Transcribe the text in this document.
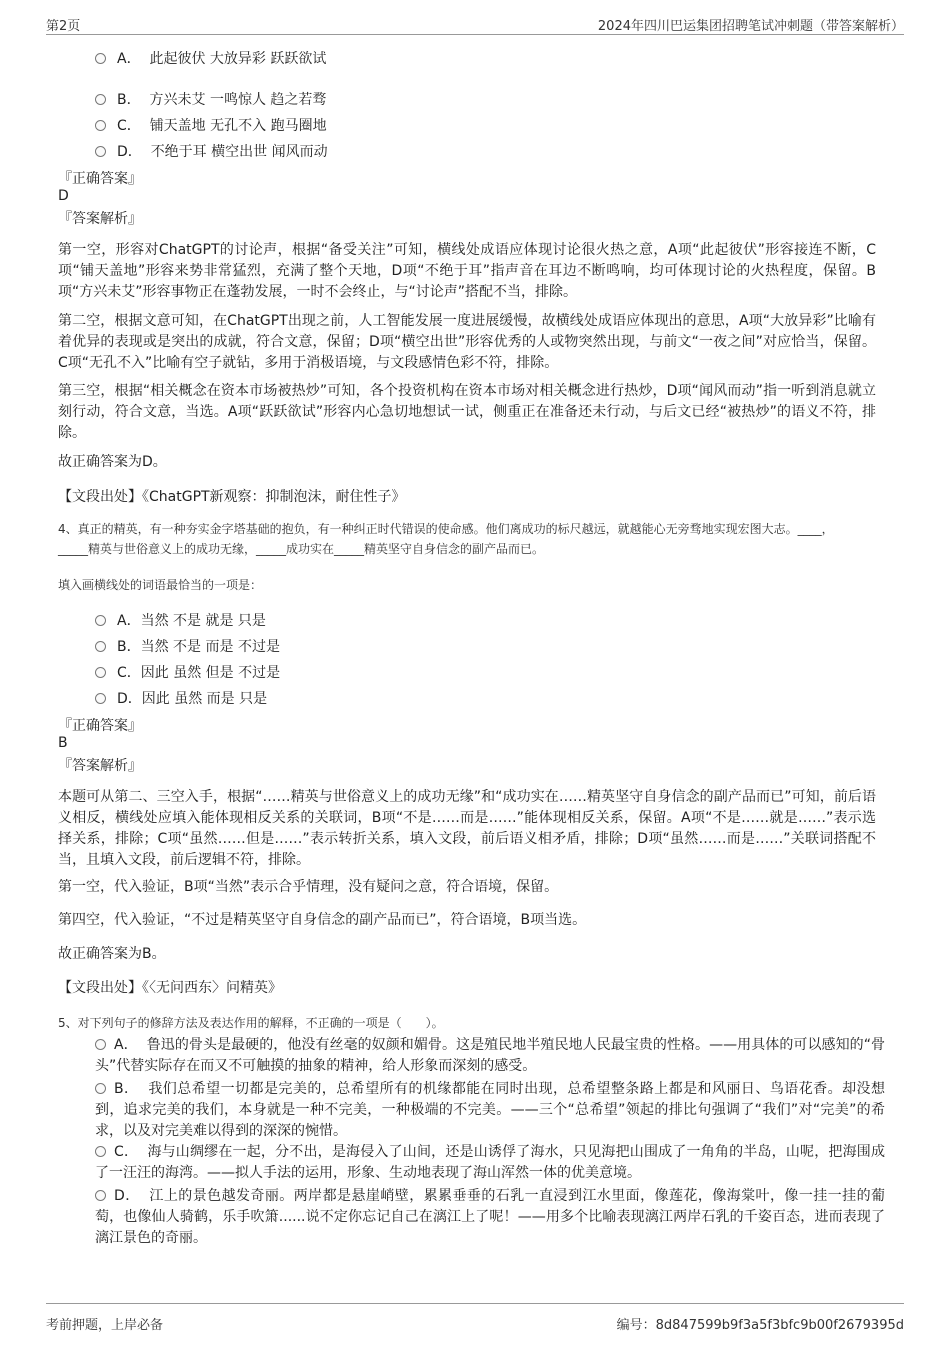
第2页	2024年四川巴运集团招聘笔试冲刺题（带答案解析）
A． 此起彼伏 大放异彩 跃跃欲试
B． 方兴未艾 一鸣惊人 趋之若骛
C． 铺天盖地 无孔不入 跑马圈地
D． 不绝于耳 横空出世 闻风而动
『正确答案』
D
『答案解析』
第一空，形容对ChatGPT的讨论声，根据“备受关注”可知，横线处成语应体现讨论很火热之意，A项“此起彼伏”形容接连不断，C项“铺天盖地”形容来势非常猛烈，充满了整个天地，D项“不绝于耳”指声音在耳边不断鸣响，均可体现讨论的火热程度，保留。B项“方兴未艾”形容事物正在蓬勃发展，一时不会终止，与“讨论声”搭配不当，排除。
第二空，根据文意可知，在ChatGPT出现之前，人工智能发展一度进展缓慢，故横线处成语应体现出的意思，A项“大放异彩”比喻有着优异的表现或是突出的成就，符合文意，保留；D项“横空出世”形容优秀的人或物突然出现，与前文“一夜之间”对应恰当，保留。C项“无孔不入”比喻有空子就钻，多用于消极语境，与文段感情色彩不符，排除。
第三空，根据“相关概念在资本市场被热炒”可知，各个投资机构在资本市场对相关概念进行热炒，D项“闻风而动”指一听到消息就立刻行动，符合文意，当选。A项“跃跃欲试”形容内心急切地想试一试，侧重正在准备还未行动，与后文已经“被热炒”的语义不符，排除。
故正确答案为D。
【文段出处】《ChatGPT新观察：抑制泡沫，耐住性子》
4、真正的精英，有一种夯实金字塔基础的抱负，有一种纠正时代错误的使命感。他们离成功的标尺越远，就越能心无旁骛地实现宏图大志。____，_____精英与世俗意义上的成功无缘，_____成功实在_____精英坚守自身信念的副产品而已。
填入画横线处的词语最恰当的一项是：
A．当然 不是 就是 只是
B．当然 不是 而是 不过是
C．因此 虽然 但是 不过是
D．因此 虽然 而是 只是
『正确答案』
B
『答案解析』
本题可从第二、三空入手，根据“……精英与世俗意义上的成功无缘”和“成功实在……精英坚守自身信念的副产品而已”可知，前后语义相反，横线处应填入能体现相反关系的关联词，B项“不是……而是……”能体现相反关系，保留。A项“不是……就是……”表示选择关系，排除；C项“虽然……但是……”表示转折关系，填入文段，前后语义相矛盾，排除；D项“虽然……而是……”关联词搭配不当，且填入文段，前后逻辑不符，排除。
第一空，代入验证，B项“当然”表示合乎情理，没有疑问之意，符合语境，保留。
第四空，代入验证，“不过是精英坚守自身信念的副产品而已”，符合语境，B项当选。
故正确答案为B。
【文段出处】《〈无问西东〉问精英》
5、对下列句子的修辞方法及表达作用的解释，不正确的一项是（　　）。
A． 鲁迅的骨头是最硬的，他没有丝毫的奴颜和媚骨。这是殖民地半殖民地人民最宝贵的性格。——用具体的可以感知的“骨头”代替实际存在而又不可触摸的抽象的精神，给人形象而深刻的感受。
B． 我们总希望一切都是完美的，总希望所有的机缘都能在同时出现，总希望整条路上都是和风丽日、鸟语花香。却没想到，追求完美的我们，本身就是一种不完美，一种极端的不完美。——三个“总希望”领起的排比句强调了“我们”对“完美”的希求，以及对完美难以得到的深深的惋惜。
C． 海与山绸缪在一起，分不出，是海侵入了山间，还是山诱俘了海水，只见海把山围成了一角角的半岛，山呢，把海围成了一汪汪的海湾。——拟人手法的运用，形象、生动地表现了海山浑然一体的优美意境。
D． 江上的景色越发奇丽。两岸都是悬崖峭壁，累累垂垂的石乳一直浸到江水里面，像莲花，像海棠叶，像一挂一挂的葡萄，也像仙人骑鹤，乐手吹箫......说不定你忘记自己在漓江上了呢！——用多个比喻表现漓江两岸石乳的千姿百态，进而表现了漓江景色的奇丽。
考前押题，上岸必备	编号：8d847599b9f3a5f3bfc9b00f2679395d
